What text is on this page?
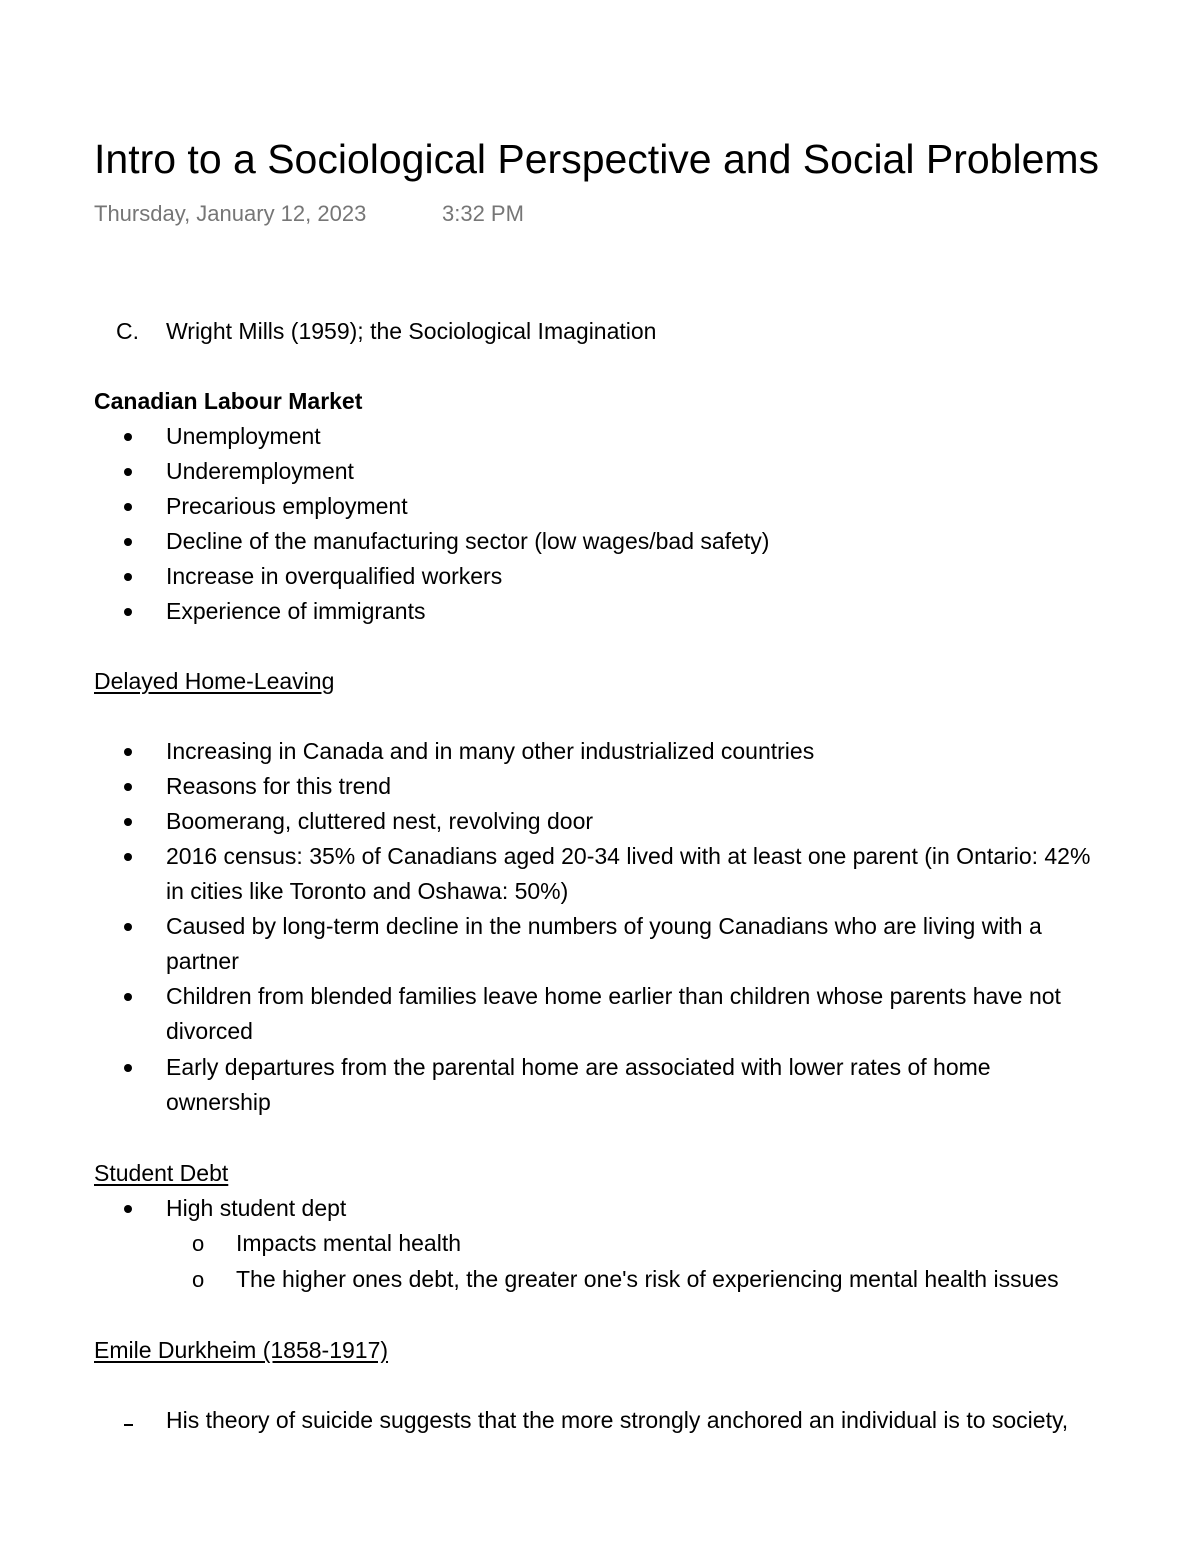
Intro to a Sociological Perspective and Social Problems
Thursday, January 12, 2023	3:32 PM
C. Wright Mills (1959); the Sociological Imagination
Canadian Labour Market
Unemployment
Underemployment
Precarious employment
Decline of the manufacturing sector (low wages/bad safety)
Increase in overqualified workers
Experience of immigrants
Delayed Home-Leaving
Increasing in Canada and in many other industrialized countries
Reasons for this trend
Boomerang, cluttered nest, revolving door
2016 census: 35% of Canadians aged 20-34 lived with at least one parent (in Ontario: 42%
in cities like Toronto and Oshawa: 50%)
Caused by long-term decline in the numbers of young Canadians who are living with a
partner
Children from blended families leave home earlier than children whose parents have not
divorced
Early departures from the parental home are associated with lower rates of home
ownership
Student Debt
High student dept
o Impacts mental health
o The higher ones debt, the greater one's risk of experiencing mental health issues
Emile Durkheim (1858-1917)
His theory of suicide suggests that the more strongly anchored an individual is to society,
